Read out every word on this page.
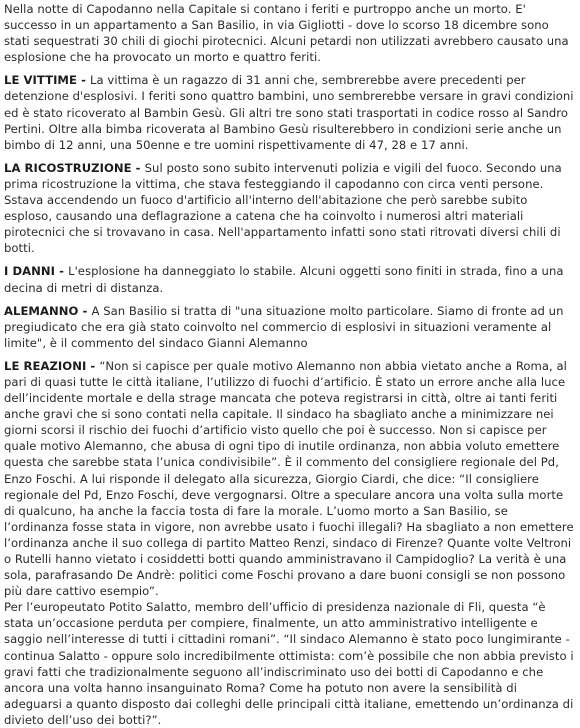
Nella notte di Capodanno nella Capitale si contano i feriti e purtroppo anche un morto. E' successo in un appartamento a San Basilio, in via Gigliotti - dove lo scorso 18 dicembre sono stati sequestrati 30 chili di giochi pirotecnici. Alcuni petardi non utilizzati avrebbero causato una esplosione che ha provocato un morto e quattro feriti.

LE VITTIME - La vittima è un ragazzo di 31 anni che, sembrerebbe avere precedenti per detenzione d'esplosivi. I feriti sono quattro bambini, uno sembrerebbe versare in gravi condizioni ed è stato ricoverato al Bambin Gesù. Gli altri tre sono stati trasportati in codice rosso al Sandro Pertini. Oltre alla bimba ricoverata al Bambino Gesù risulterebbero in condizioni serie anche un bimbo di 12 anni, una 50enne e tre uomini rispettivamente di 47, 28 e 17 anni.

LA RICOSTRUZIONE - Sul posto sono subito intervenuti polizia e vigili del fuoco. Secondo una prima ricostruzione la vittima, che stava festeggiando il capodanno con circa venti persone. Sstava accendendo un fuoco d'artificio all'interno dell'abitazione che però sarebbe subito esploso, causando una deflagrazione a catena che ha coinvolto i numerosi altri materiali pirotecnici che si trovavano in casa. Nell'appartamento infatti sono stati ritrovati diversi chili di botti.

I DANNI - L'esplosione ha danneggiato lo stabile. Alcuni oggetti sono finiti in strada, fino a una decina di metri di distanza.

ALEMANNO - A San Basilio si tratta di "una situazione molto particolare. Siamo di fronte ad un pregiudicato che era già stato coinvolto nel commercio di esplosivi in situazioni veramente al limite", è il commento del sindaco Gianni Alemanno

LE REAZIONI - “Non si capisce per quale motivo Alemanno non abbia vietato anche a Roma, al pari di quasi tutte le città italiane, l’utilizzo di fuochi d’artificio. È stato un errore anche alla luce dell’incidente mortale e della strage mancata che poteva registrarsi in città, oltre ai tanti feriti anche gravi che si sono contati nella capitale. Il sindaco ha sbagliato anche a minimizzare nei giorni scorsi il rischio dei fuochi d’artificio visto quello che poi è successo. Non si capisce per quale motivo Alemanno, che abusa di ogni tipo di inutile ordinanza, non abbia voluto emettere questa che sarebbe stata l’unica condivisibile”. È il commento del consigliere regionale del Pd, Enzo Foschi. A lui risponde il delegato alla sicurezza, Giorgio Ciardi, che dice: “Il consigliere regionale del Pd, Enzo Foschi, deve vergognarsi. Oltre a speculare ancora una volta sulla morte di qualcuno, ha anche la faccia tosta di fare la morale. L’uomo morto a San Basilio, se l’ordinanza fosse stata in vigore, non avrebbe usato i fuochi illegali? Ha sbagliato a non emettere l’ordinanza anche il suo collega di partito Matteo Renzi, sindaco di Firenze? Quante volte Veltroni o Rutelli hanno vietato i cosiddetti botti quando amministravano il Campidoglio? La verità è una sola, parafrasando De Andrè: politici come Foschi provano a dare buoni consigli se non possono più dare cattivo esempio”.

Per l’europeutato Potito Salatto, membro dell’ufficio di presidenza nazionale di Fli, questa “è stata un’occasione perduta per compiere, finalmente, un atto amministrativo intelligente e saggio nell’interesse di tutti i cittadini romani”. “Il sindaco Alemanno è stato poco lungimirante - continua Salatto - oppure solo incredibilmente ottimista: com’è possibile che non abbia previsto i gravi fatti che tradizionalmente seguono all’indiscriminato uso dei botti di Capodanno e che ancora una volta hanno insanguinato Roma? Come ha potuto non avere la sensibilità di adeguarsi a quanto disposto dai colleghi delle principali città italiane, emettendo un’ordinanza di divieto dell’uso dei botti?”.
